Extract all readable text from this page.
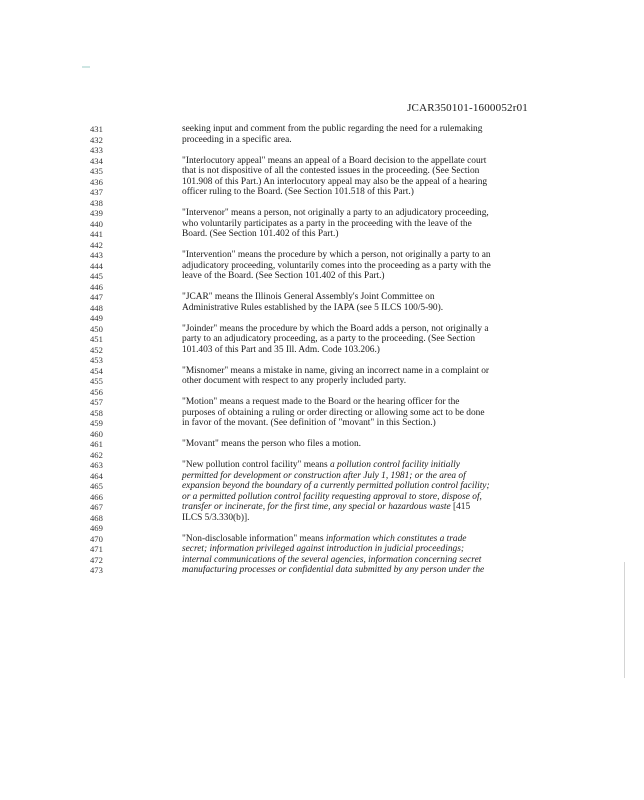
JCAR350101-1600052r01
431	seeking input and comment from the public regarding the need for a rulemaking
432	proceeding in a specific area.
433
434	"Interlocutory appeal" means an appeal of a Board decision to the appellate court
435	that is not dispositive of all the contested issues in the proceeding. (See Section
436	101.908 of this Part.) An interlocutory appeal may also be the appeal of a hearing
437	officer ruling to the Board. (See Section 101.518 of this Part.)
438
439	"Intervenor" means a person, not originally a party to an adjudicatory proceeding,
440	who voluntarily participates as a party in the proceeding with the leave of the
441	Board. (See Section 101.402 of this Part.)
442
443	"Intervention" means the procedure by which a person, not originally a party to an
444	adjudicatory proceeding, voluntarily comes into the proceeding as a party with the
445	leave of the Board. (See Section 101.402 of this Part.)
446
447	"JCAR" means the Illinois General Assembly's Joint Committee on
448	Administrative Rules established by the IAPA (see 5 ILCS 100/5-90).
449
450	"Joinder" means the procedure by which the Board adds a person, not originally a
451	party to an adjudicatory proceeding, as a party to the proceeding. (See Section
452	101.403 of this Part and 35 Ill. Adm. Code 103.206.)
453
454	"Misnomer" means a mistake in name, giving an incorrect name in a complaint or
455	other document with respect to any properly included party.
456
457	"Motion" means a request made to the Board or the hearing officer for the
458	purposes of obtaining a ruling or order directing or allowing some act to be done
459	in favor of the movant. (See definition of "movant" in this Section.)
460
461	"Movant" means the person who files a motion.
462
463	"New pollution control facility" means a pollution control facility initially
464	permitted for development or construction after July 1, 1981; or the area of
465	expansion beyond the boundary of a currently permitted pollution control facility;
466	or a permitted pollution control facility requesting approval to store, dispose of,
467	transfer or incinerate, for the first time, any special or hazardous waste [415
468	ILCS 5/3.330(b)].
469
470	"Non-disclosable information" means information which constitutes a trade
471	secret; information privileged against introduction in judicial proceedings;
472	internal communications of the several agencies, information concerning secret
473	manufacturing processes or confidential data submitted by any person under the
